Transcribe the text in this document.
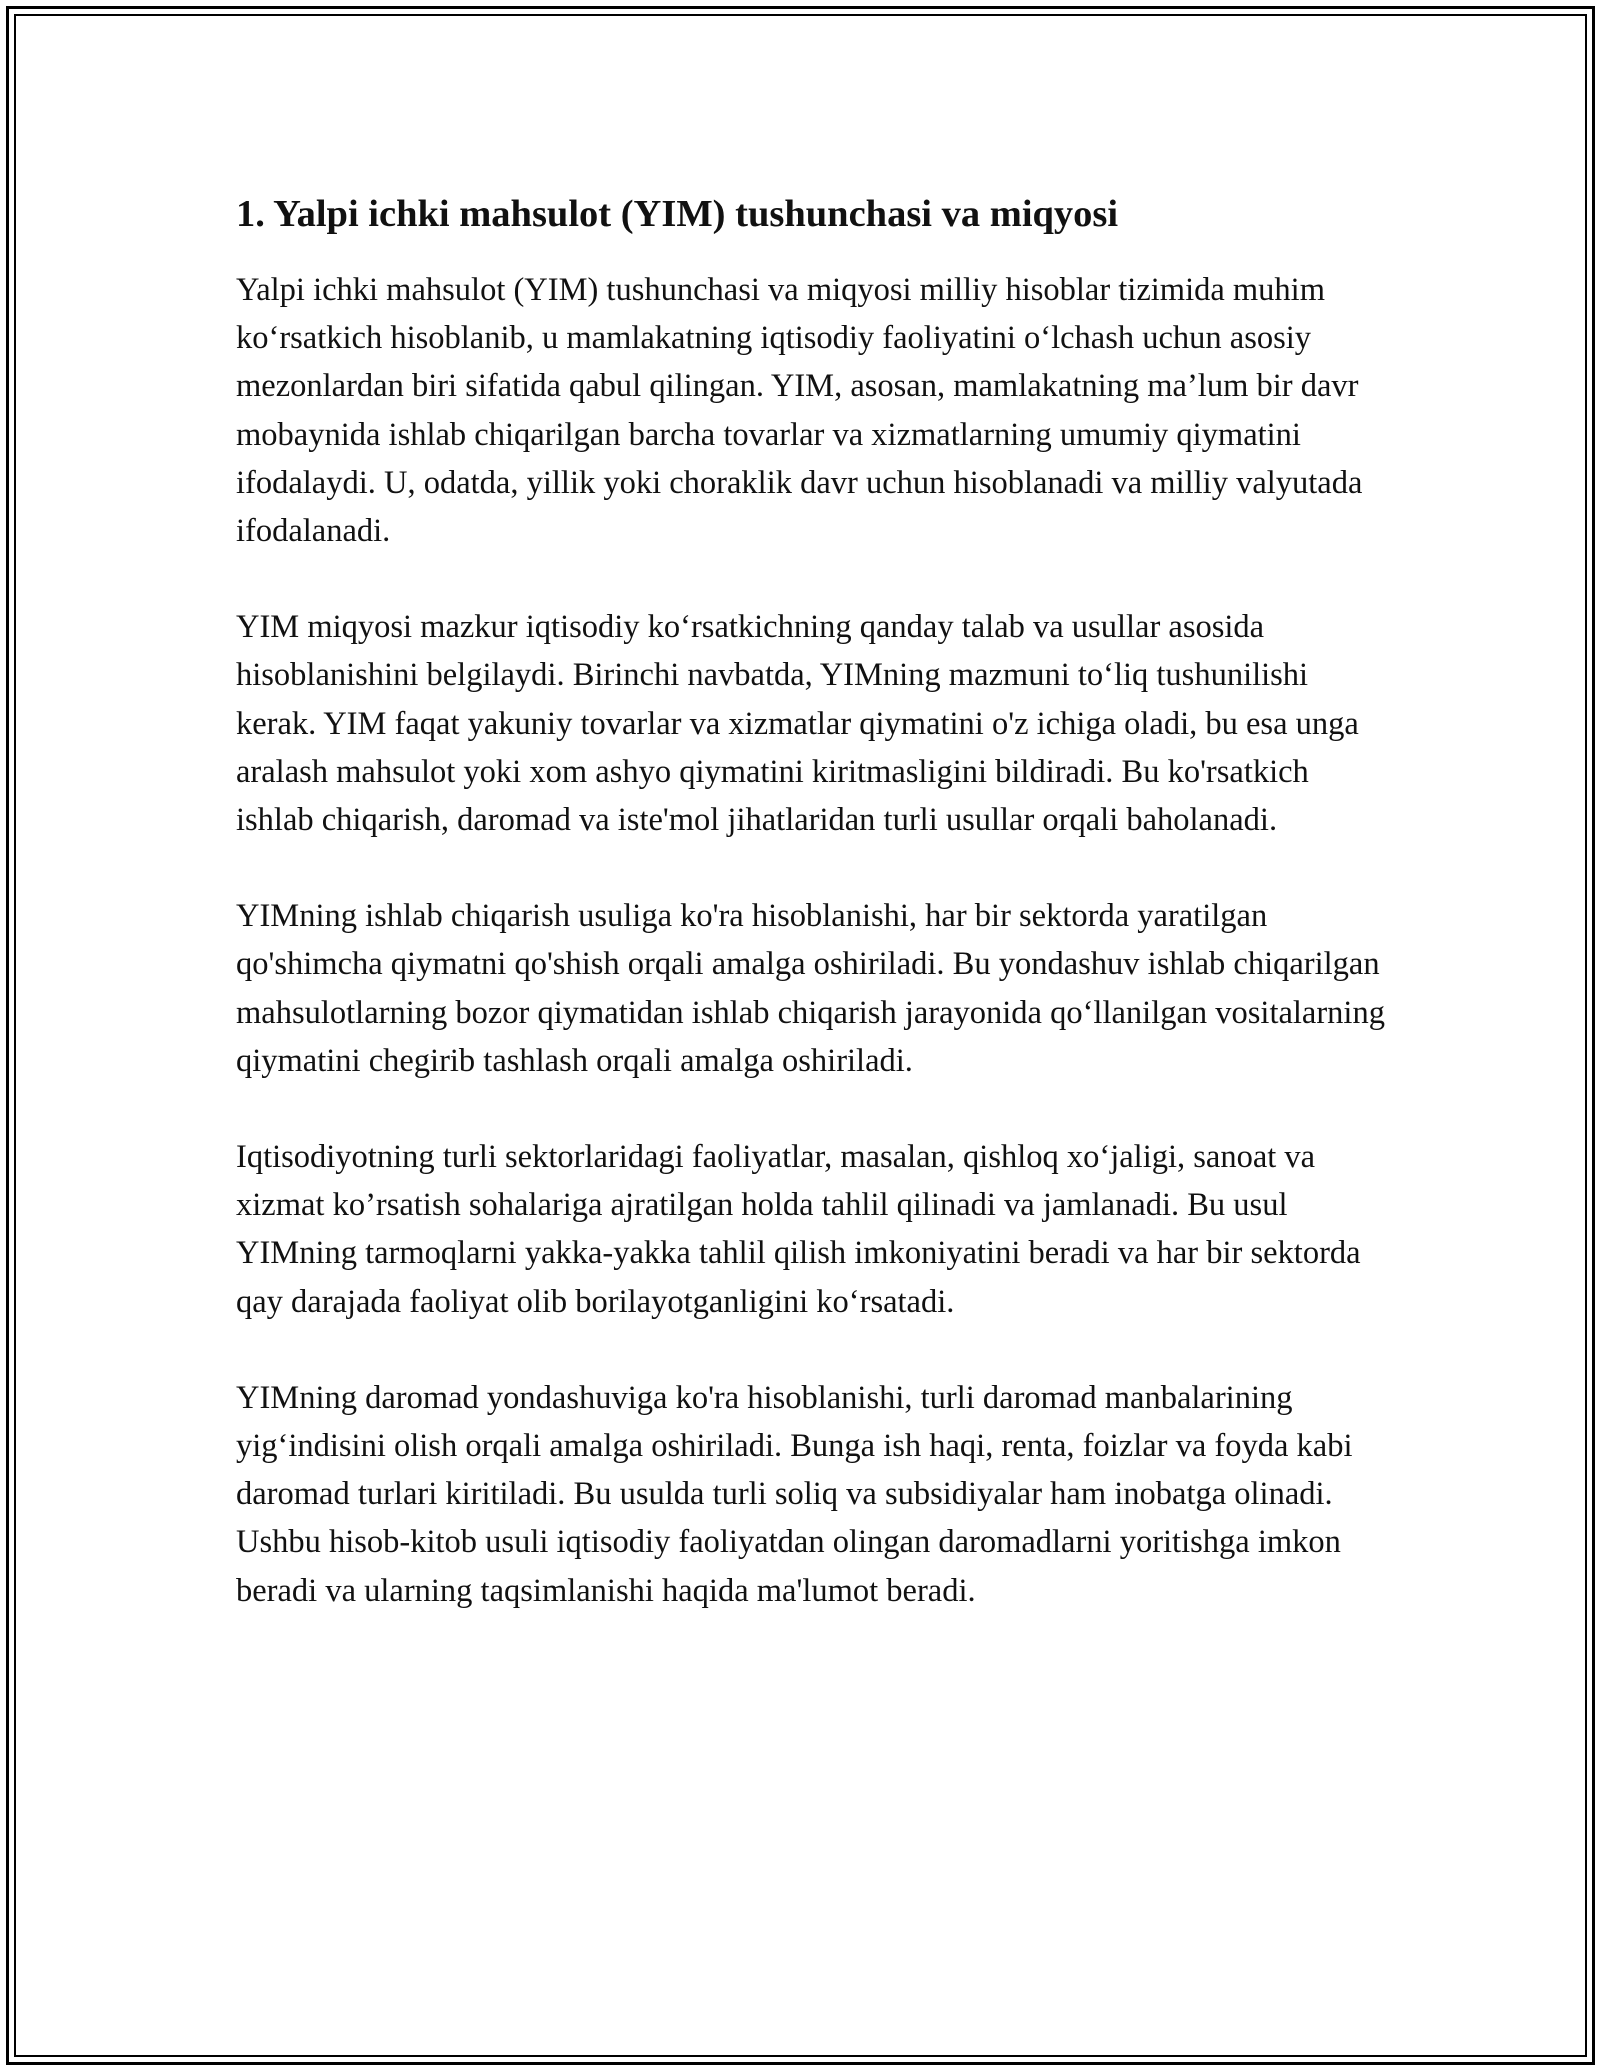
1. Yalpi ichki mahsulot (YIM) tushunchasi va miqyosi

Yalpi ichki mahsulot (YIM) tushunchasi va miqyosi milliy hisoblar tizimida muhim ko‘rsatkich hisoblanib, u mamlakatning iqtisodiy faoliyatini o‘lchash uchun asosiy mezonlardan biri sifatida qabul qilingan. YIM, asosan, mamlakatning ma’lum bir davr mobaynida ishlab chiqarilgan barcha tovarlar va xizmatlarning umumiy qiymatini ifodalaydi. U, odatda, yillik yoki choraklik davr uchun hisoblanadi va milliy valyutada ifodalanadi.

YIM miqyosi mazkur iqtisodiy ko‘rsatkichning qanday talab va usullar asosida hisoblanishini belgilaydi. Birinchi navbatda, YIMning mazmuni to‘liq tushunilishi kerak. YIM faqat yakuniy tovarlar va xizmatlar qiymatini o'z ichiga oladi, bu esa unga aralash mahsulot yoki xom ashyo qiymatini kiritmasligini bildiradi. Bu ko'rsatkich ishlab chiqarish, daromad va iste'mol jihatlaridan turli usullar orqali baholanadi.

YIMning ishlab chiqarish usuliga ko'ra hisoblanishi, har bir sektorda yaratilgan qo'shimcha qiymatni qo'shish orqali amalga oshiriladi. Bu yondashuv ishlab chiqarilgan mahsulotlarning bozor qiymatidan ishlab chiqarish jarayonida qo‘llanilgan vositalarning qiymatini chegirib tashlash orqali amalga oshiriladi.

Iqtisodiyotning turli sektorlaridagi faoliyatlar, masalan, qishloq xo‘jaligi, sanoat va xizmat ko’rsatish sohalariga ajratilgan holda tahlil qilinadi va jamlanadi. Bu usul YIMning tarmoqlarni yakka-yakka tahlil qilish imkoniyatini beradi va har bir sektorda qay darajada faoliyat olib borilayotganligini ko‘rsatadi.

YIMning daromad yondashuviga ko'ra hisoblanishi, turli daromad manbalarining yig‘indisini olish orqali amalga oshiriladi. Bunga ish haqi, renta, foizlar va foyda kabi daromad turlari kiritiladi. Bu usulda turli soliq va subsidiyalar ham inobatga olinadi. Ushbu hisob-kitob usuli iqtisodiy faoliyatdan olingan daromadlarni yoritishga imkon beradi va ularning taqsimlanishi haqida ma'lumot beradi.
